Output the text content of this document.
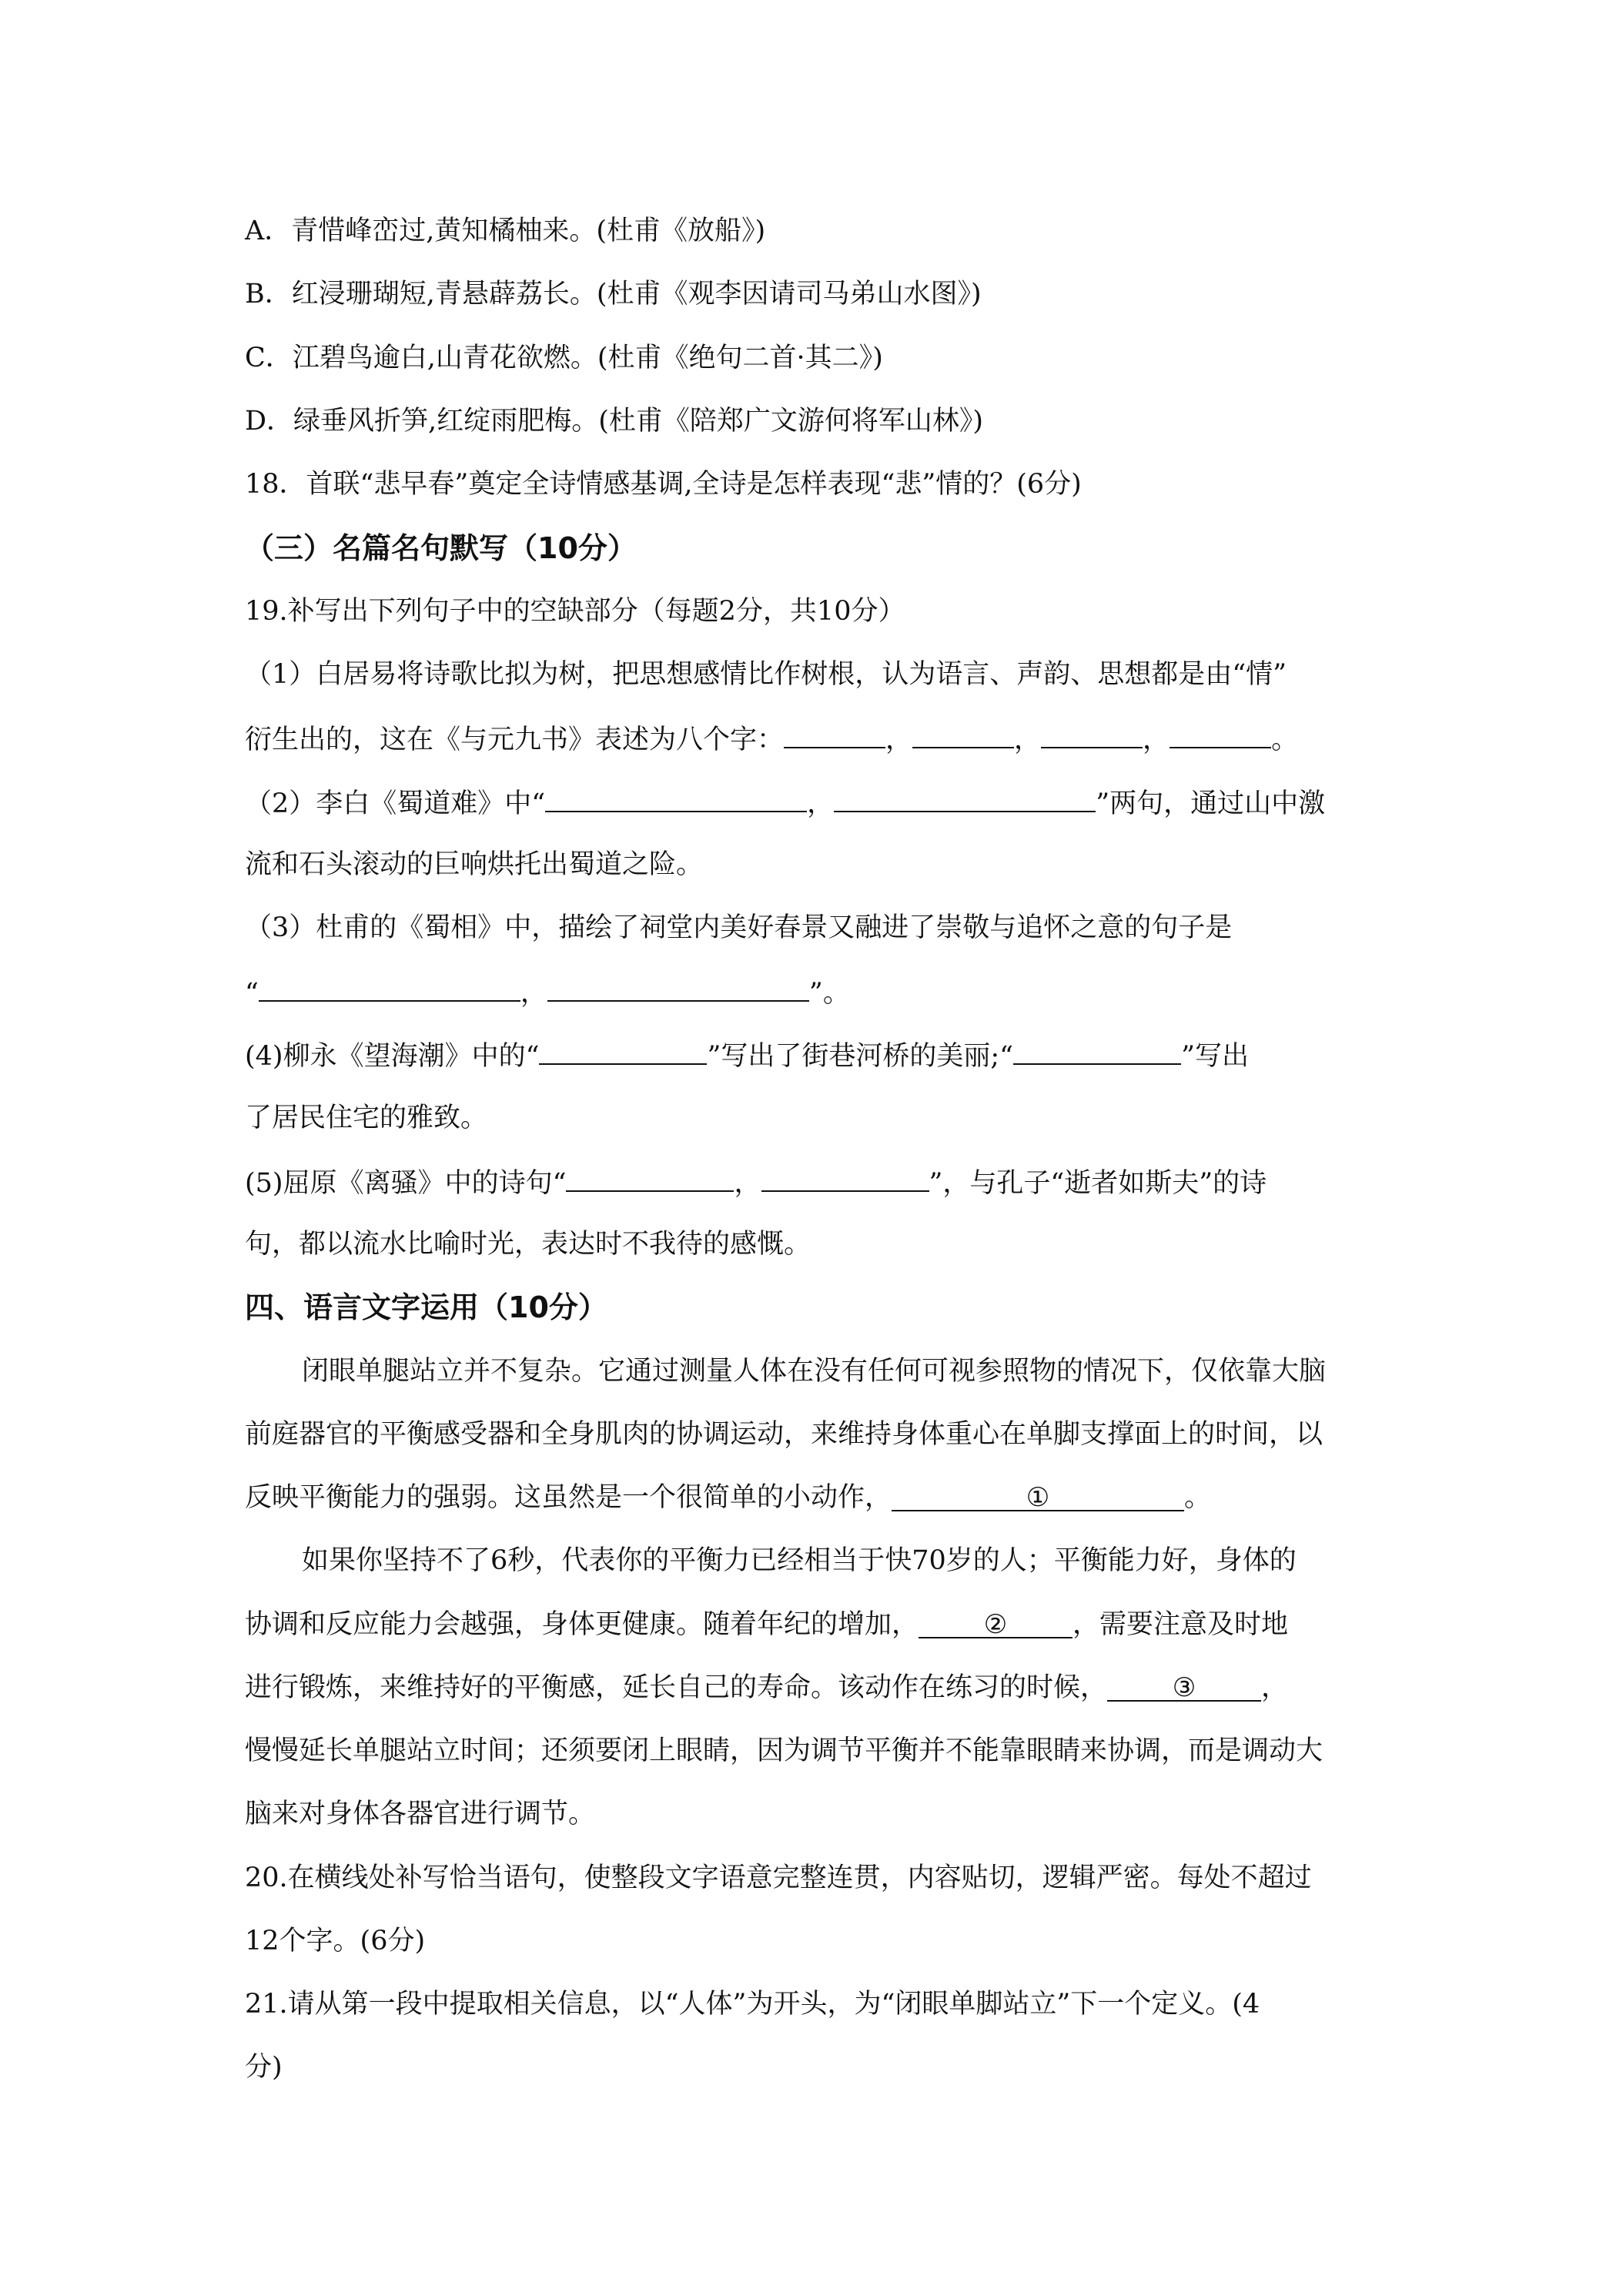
A．青惜峰峦过,黄知橘柚来。(杜甫《放船》)
B．红浸珊瑚短,青悬薜荔长。(杜甫《观李因请司马弟山水图》)
C．江碧鸟逾白,山青花欲燃。(杜甫《绝句二首·其二》)
D．绿垂风折笋,红绽雨肥梅。(杜甫《陪郑广文游何将军山林》)
18．首联“悲早春”奠定全诗情感基调,全诗是怎样表现“悲”情的？(6分)
（三）名篇名句默写（10分）
19.补写出下列句子中的空缺部分（每题2分，共10分）
（1）白居易将诗歌比拟为树，把思想感情比作树根，认为语言、声韵、思想都是由“情”
衍生出的，这在《与元九书》表述为八个字：	，	，	，	。
（2）李白《蜀道难》中“	，	”两句，通过山中激
流和石头滚动的巨响烘托出蜀道之险。
（3）杜甫的《蜀相》中，描绘了祠堂内美好春景又融进了崇敬与追怀之意的句子是
“	，	”。
(4)柳永《望海潮》中的“	”写出了街巷河桥的美丽;“	”写出
了居民住宅的雅致。
(5)屈原《离骚》中的诗句“	，	”，与孔子“逝者如斯夫”的诗
句，都以流水比喻时光，表达时不我待的感慨。
四、语言文字运用（10分）
闭眼单腿站立并不复杂。它通过测量人体在没有任何可视参照物的情况下，仅依靠大脑
前庭器官的平衡感受器和全身肌肉的协调运动，来维持身体重心在单脚支撑面上的时间，以
反映平衡能力的强弱。这虽然是一个很简单的小动作，	①	。
如果你坚持不了6秒，代表你的平衡力已经相当于快70岁的人；平衡能力好，身体的
协调和反应能力会越强，身体更健康。随着年纪的增加， ② ，需要注意及时地
进行锻炼，来维持好的平衡感，延长自己的寿命。该动作在练习的时候， ③ ，
慢慢延长单腿站立时间；还须要闭上眼睛，因为调节平衡并不能靠眼睛来协调，而是调动大
脑来对身体各器官进行调节。
20.在横线处补写恰当语句，使整段文字语意完整连贯，内容贴切，逻辑严密。每处不超过
12个字。(6分)
21.请从第一段中提取相关信息，以“人体”为开头，为“闭眼单脚站立”下一个定义。(4
分)
